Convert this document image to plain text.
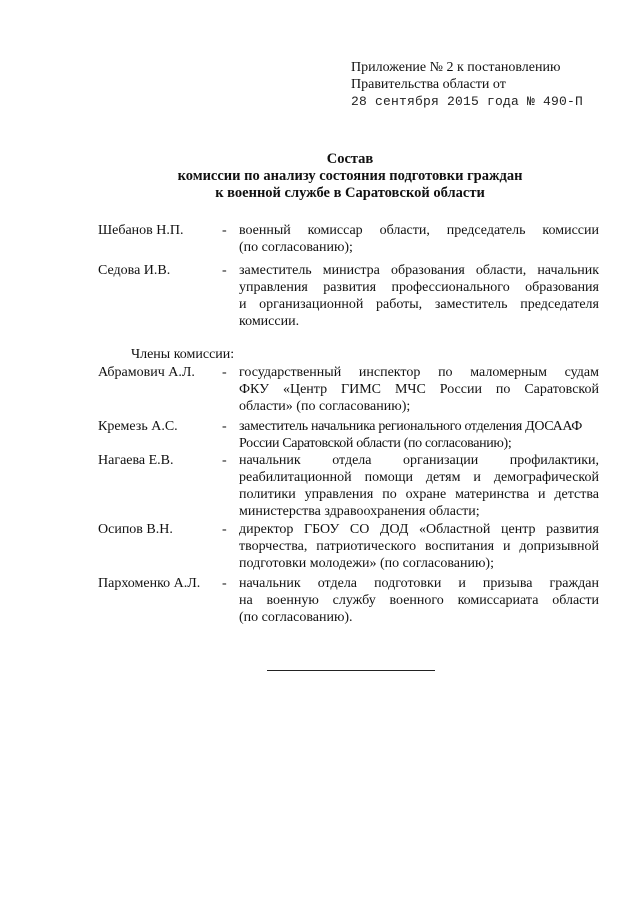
Приложение № 2 к постановлению
Правительства области от
28 сентября 2015 года № 490-П
Состав
комиссии по анализу состояния подготовки граждан
к военной службе в Саратовской области
Шебанов Н.П.	- военный комиссар области, председатель комиссии
(по согласованию);
Седова И.В.	- заместитель министра образования области, начальник
управления развития профессионального образования
и организационной работы, заместитель председателя
комиссии.
Члены комиссии:
Абрамович А.Л. - государственный инспектор по маломерным судам
ФКУ «Центр ГИМС МЧС России по Саратовской
области» (по согласованию);
Кремезь А.С.	- заместитель начальника регионального отделения ДОСААФ
России Саратовской области (по согласованию);
Нагаева Е.В.	- начальник отдела организации профилактики,
реабилитационной помощи детям и демографической
политики управления по охране материнства и детства
министерства здравоохранения области;
Осипов В.Н.	- директор ГБОУ СО ДОД «Областной центр развития
творчества, патриотического воспитания и допризывной
подготовки молодежи» (по согласованию);
Пархоменко А.Л. - начальник отдела подготовки и призыва граждан
на военную службу военного комиссариата области
(по согласованию).
